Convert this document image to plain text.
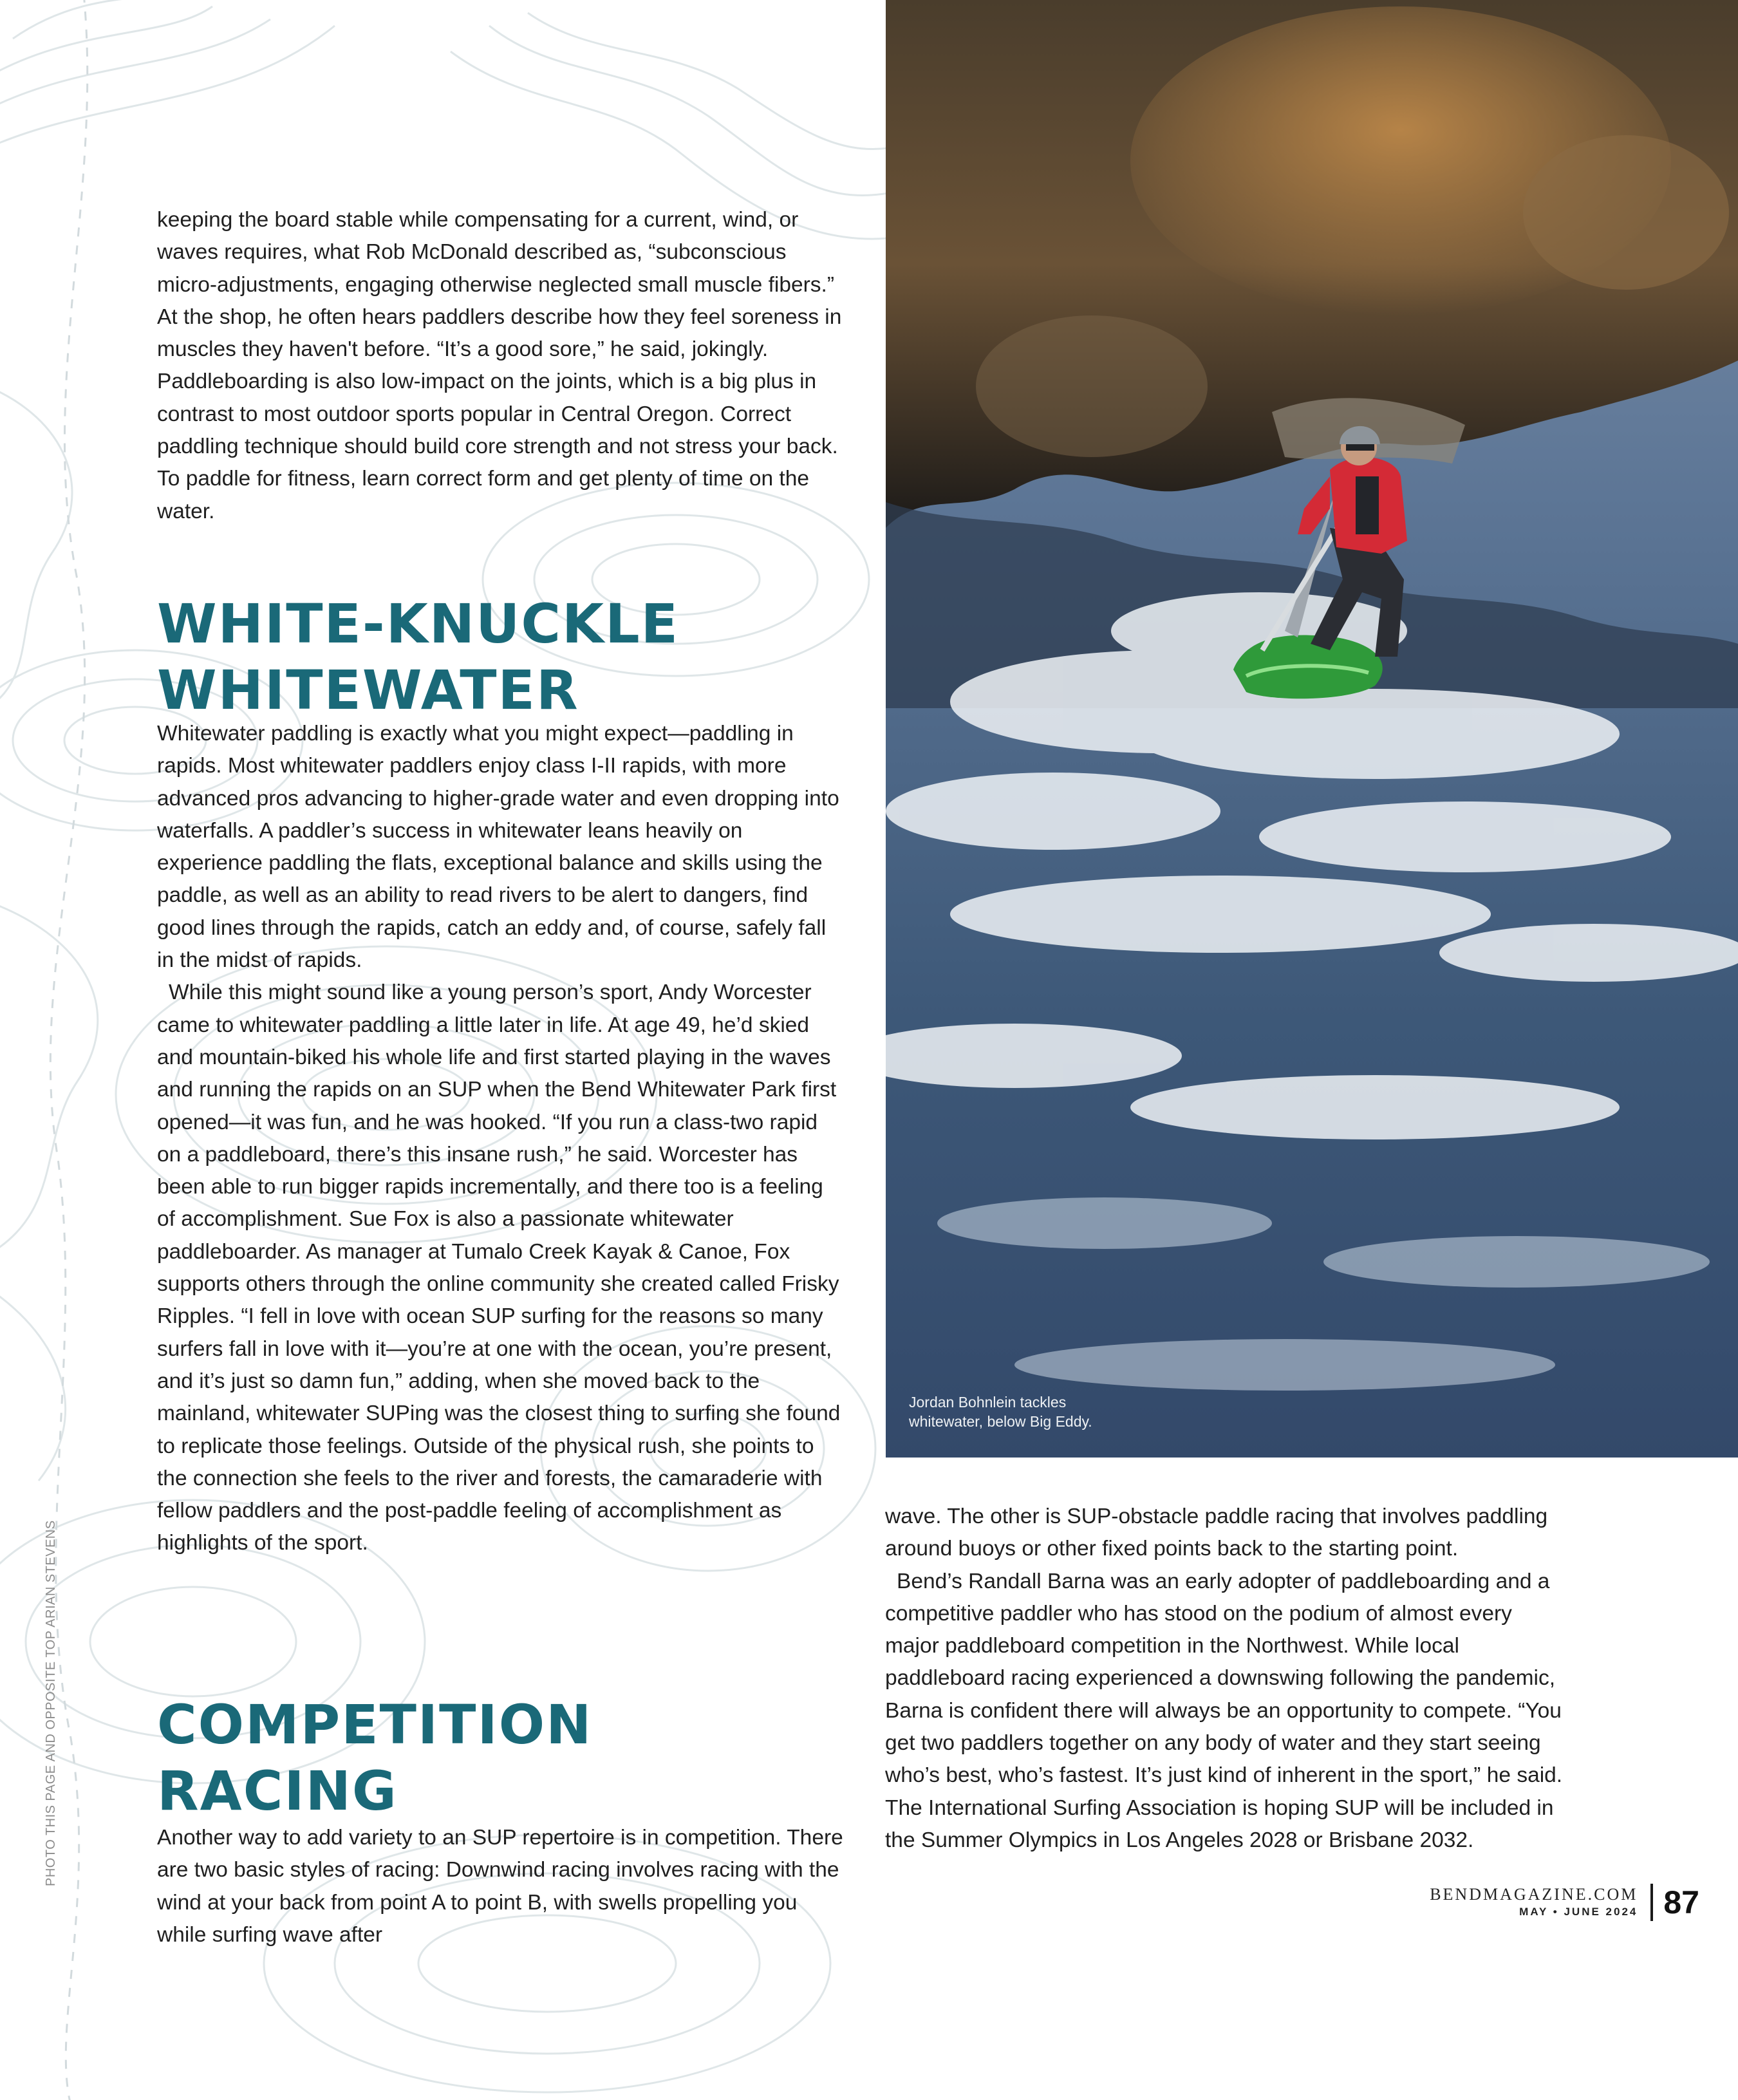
Jordan Bohnlein tackles
whitewater, below Big Eddy.

keeping the board stable while compensating for a current, wind, or waves requires, what Rob McDonald described as, “subconscious micro-adjustments, engaging otherwise neglected small muscle fibers.” At the shop, he often hears paddlers describe how they feel soreness in muscles they haven't before. “It’s a good sore,” he said, jokingly. Paddleboarding is also low-impact on the joints, which is a big plus in contrast to most outdoor sports popular in Central Oregon. Correct paddling technique should build core strength and not stress your back. To paddle for fitness, learn correct form and get plenty of time on the water.

WHITE-KNUCKLE
WHITEWATER

Whitewater paddling is exactly what you might expect—paddling in rapids. Most whitewater paddlers enjoy class I-II rapids, with more advanced pros advancing to higher-grade water and even dropping into waterfalls. A paddler’s success in whitewater leans heavily on experience paddling the flats, exceptional balance and skills using the paddle, as well as an ability to read rivers to be alert to dangers, find good lines through the rapids, catch an eddy and, of course, safely fall in the midst of rapids.

While this might sound like a young person’s sport, Andy Worcester came to whitewater paddling a little later in life. At age 49, he’d skied and mountain-biked his whole life and first started playing in the waves and running the rapids on an SUP when the Bend Whitewater Park first opened—it was fun, and he was hooked. “If you run a class-two rapid on a paddleboard, there’s this insane rush,” he said. Worcester has been able to run bigger rapids incrementally, and there too is a feeling of accomplishment. Sue Fox is also a passionate whitewater paddleboarder. As manager at Tumalo Creek Kayak & Canoe, Fox supports others through the online community she created called Frisky Ripples. “I fell in love with ocean SUP surfing for the reasons so many surfers fall in love with it—you’re at one with the ocean, you’re present, and it’s just so damn fun,” adding, when she moved back to the mainland, whitewater SUPing was the closest thing to surfing she found to replicate those feelings. Outside of the physical rush, she points to the connection she feels to the river and forests, the camaraderie with fellow paddlers and the post-paddle feeling of accomplishment as highlights of the sport.

COMPETITION
RACING

Another way to add variety to an SUP repertoire is in competition. There are two basic styles of racing: Downwind racing involves racing with the wind at your back from point A to point B, with swells propelling you while surfing wave after

wave. The other is SUP-obstacle paddle racing that involves paddling around buoys or other fixed points back to the starting point.

Bend’s Randall Barna was an early adopter of paddleboarding and a competitive paddler who has stood on the podium of almost every major paddleboard competition in the Northwest. While local paddleboard racing experienced a downswing following the pandemic, Barna is confident there will always be an opportunity to compete. “You get two paddlers together on any body of water and they start seeing who’s best, who’s fastest. It’s just kind of inherent in the sport,” he said. The International Surfing Association is hoping SUP will be included in the Summer Olympics in Los Angeles 2028 or Brisbane 2032.

PHOTO THIS PAGE AND OPPOSITE TOP ARIAN STEVENS
BENDMAGAZINE.COM
MAY • JUNE 2024 87
